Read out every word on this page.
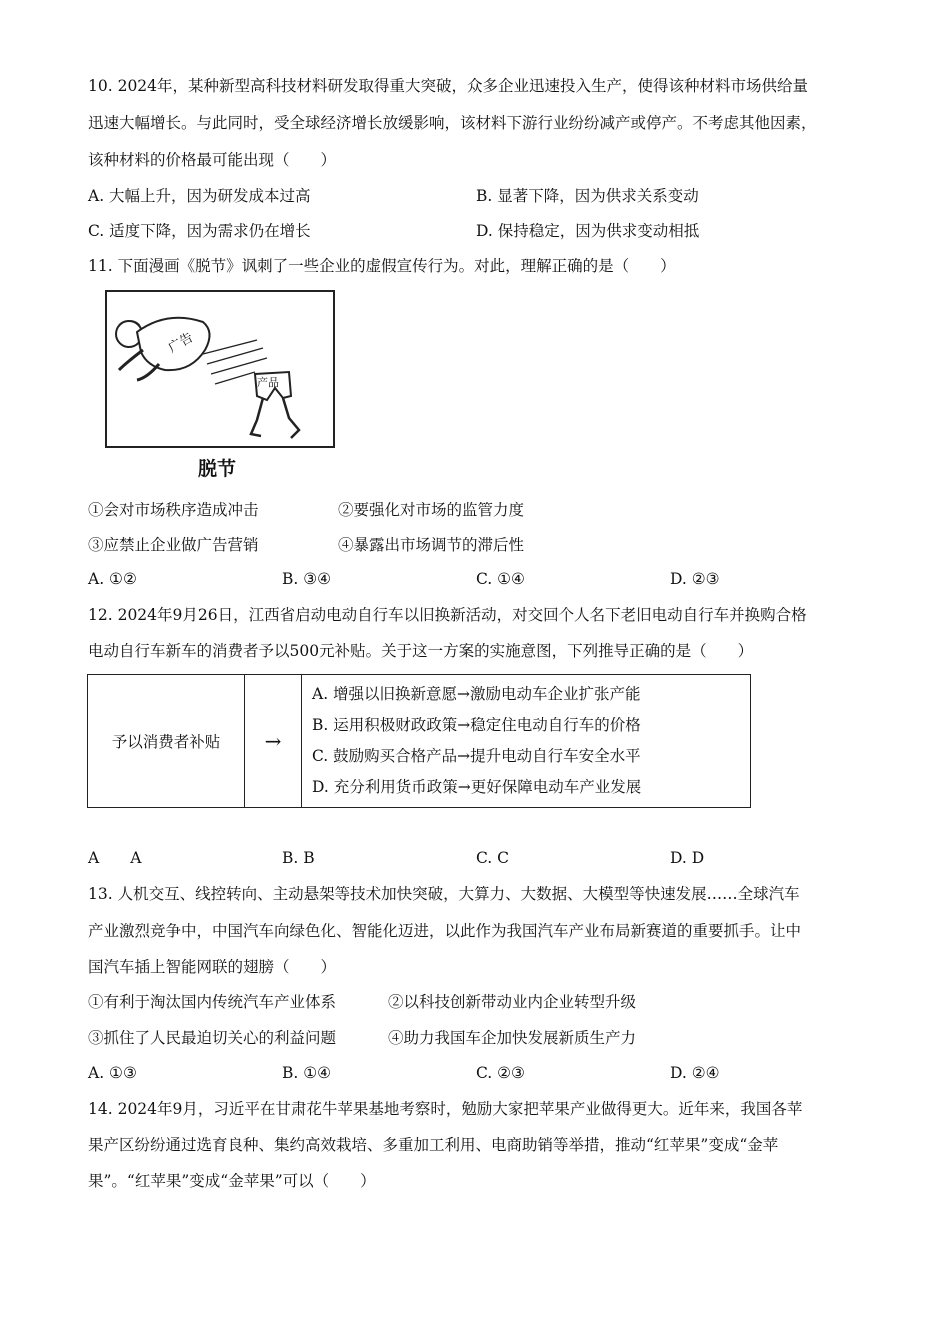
10. 2024年，某种新型高科技材料研发取得重大突破，众多企业迅速投入生产，使得该种材料市场供给量
迅速大幅增长。与此同时，受全球经济增长放缓影响，该材料下游行业纷纷减产或停产。不考虑其他因素，
该种材料的价格最可能出现（　　）
A. 大幅上升，因为研发成本过高	B. 显著下降，因为供求关系变动
C. 适度下降，因为需求仍在增长	D. 保持稳定，因为供求变动相抵
11. 下面漫画《脱节》讽刺了一些企业的虚假宣传行为。对此，理解正确的是（　　）
广告
产品
脱节
①会对市场秩序造成冲击	②要强化对市场的监管力度
③应禁止企业做广告营销	④暴露出市场调节的滞后性
A. ①②	B. ③④	C. ①④	D. ②③
12. 2024年9月26日，江西省启动电动自行车以旧换新活动，对交回个人名下老旧电动自行车并换购合格
电动自行车新车的消费者予以500元补贴。关于这一方案的实施意图，下列推导正确的是（　　）
予以消费者补贴	→	
A. 增强以旧换新意愿→激励电动车企业扩张产能
B. 运用积极财政政策→稳定住电动自行车的价格
C. 鼓励购买合格产品→提升电动自行车安全水平
D. 充分利用货币政策→更好保障电动车产业发展
A　　A	B. B	C. C	D. D
13. 人机交互、线控转向、主动悬架等技术加快突破，大算力、大数据、大模型等快速发展……全球汽车
产业激烈竞争中，中国汽车向绿色化、智能化迈进，以此作为我国汽车产业布局新赛道的重要抓手。让中
国汽车插上智能网联的翅膀（　　）
①有利于淘汰国内传统汽车产业体系	②以科技创新带动业内企业转型升级
③抓住了人民最迫切关心的利益问题	④助力我国车企加快发展新质生产力
A. ①③	B. ①④	C. ②③	D. ②④
14. 2024年9月，习近平在甘肃花牛苹果基地考察时，勉励大家把苹果产业做得更大。近年来，我国各苹
果产区纷纷通过选育良种、集约高效栽培、多重加工利用、电商助销等举措，推动“红苹果”变成“金苹
果”。“红苹果”变成“金苹果”可以（　　）
